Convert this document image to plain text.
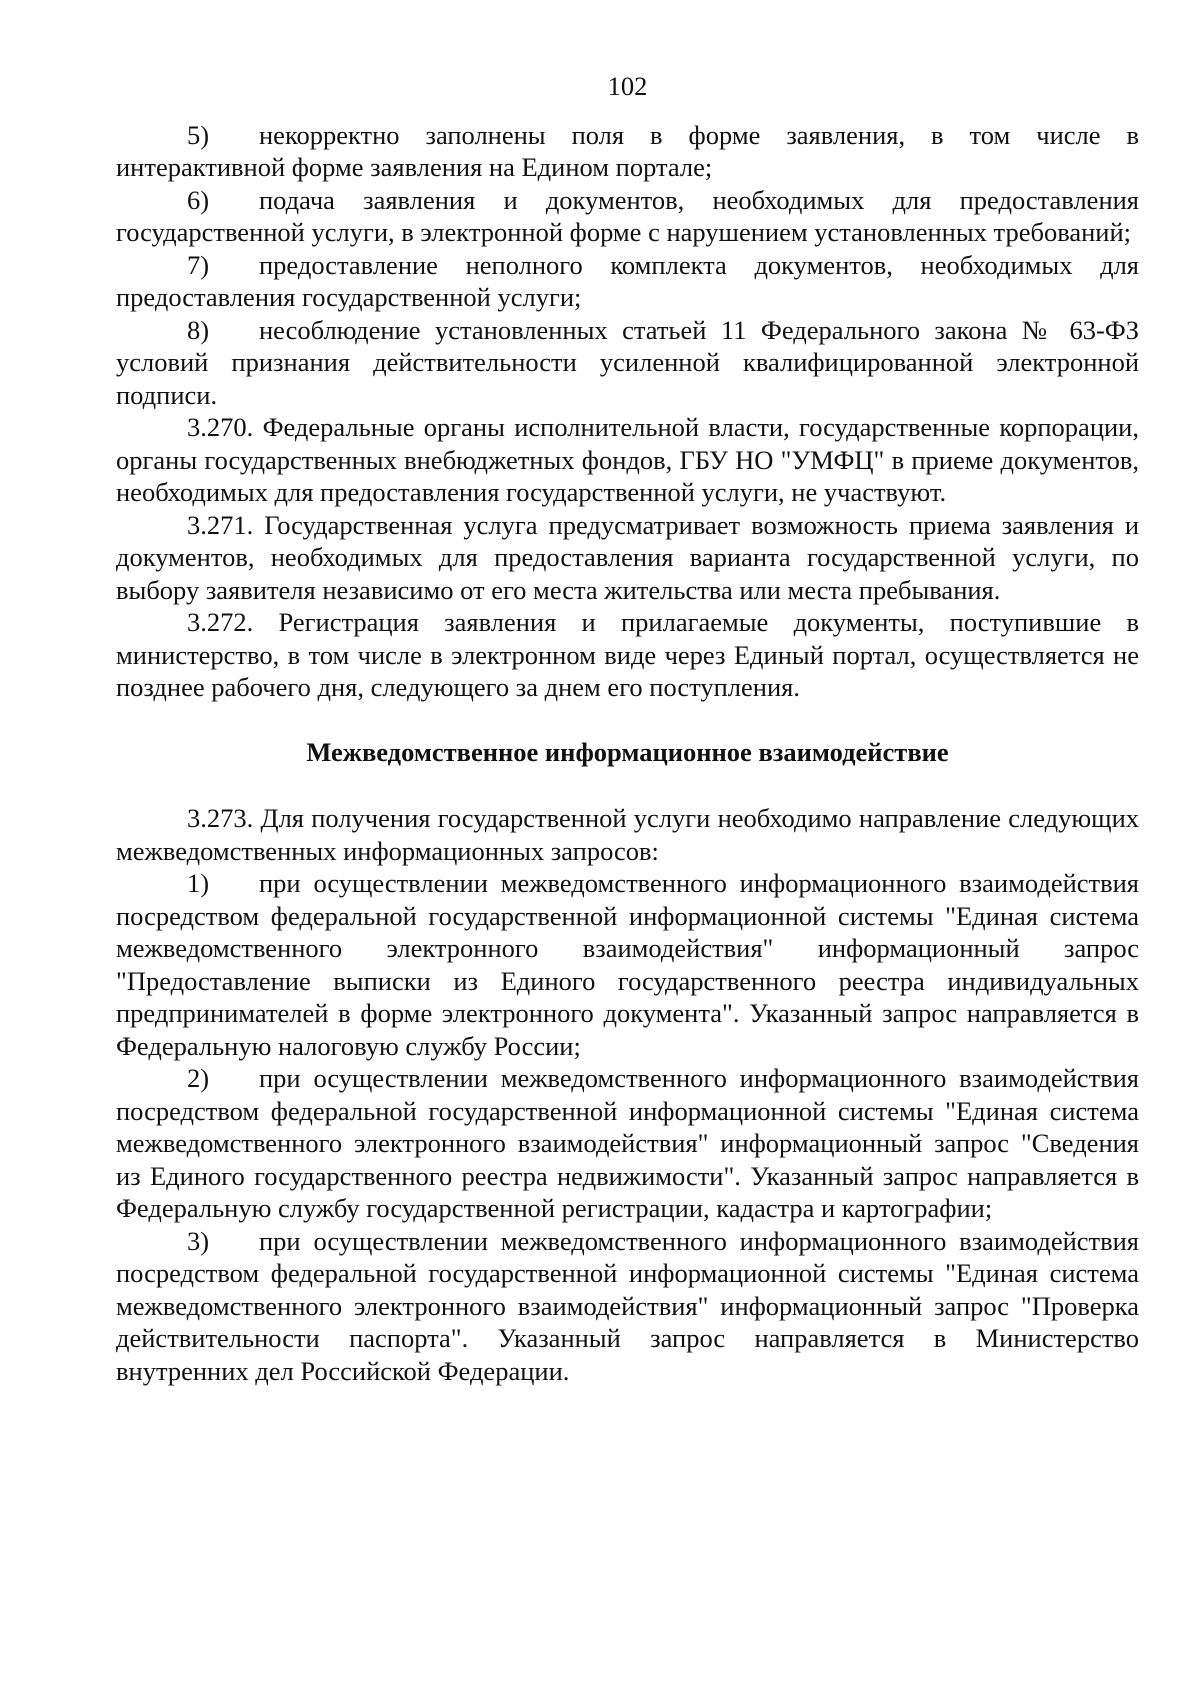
102

5) некорректно заполнены поля в форме заявления, в том числе в интерактивной форме заявления на Едином портале;

6) подача заявления и документов, необходимых для предоставления государственной услуги, в электронной форме с нарушением установленных требований;

7) предоставление неполного комплекта документов, необходимых для предоставления государственной услуги;

8) несоблюдение установленных статьей 11 Федерального закона № 63-ФЗ условий признания действительности усиленной квалифицированной электронной подписи.

3.270. Федеральные органы исполнительной власти, государственные корпорации, органы государственных внебюджетных фондов, ГБУ НО "УМФЦ" в приеме документов, необходимых для предоставления государственной услуги, не участвуют.

3.271. Государственная услуга предусматривает возможность приема заявления и документов, необходимых для предоставления варианта государственной услуги, по выбору заявителя независимо от его места жительства или места пребывания.

3.272. Регистрация заявления и прилагаемые документы, поступившие в министерство, в том числе в электронном виде через Единый портал, осуществляется не позднее рабочего дня, следующего за днем его поступления.

Межведомственное информационное взаимодействие

3.273. Для получения государственной услуги необходимо направление следующих межведомственных информационных запросов:

1) при осуществлении межведомственного информационного взаимодействия посредством федеральной государственной информационной системы "Единая система межведомственного электронного взаимодействия" информационный запрос "Предоставление выписки из Единого государственного реестра индивидуальных предпринимателей в форме электронного документа". Указанный запрос направляется в Федеральную налоговую службу России;

2) при осуществлении межведомственного информационного взаимодействия посредством федеральной государственной информационной системы "Единая система межведомственного электронного взаимодействия" информационный запрос "Сведения из Единого государственного реестра недвижимости". Указанный запрос направляется в Федеральную службу государственной регистрации, кадастра и картографии;

3) при осуществлении межведомственного информационного взаимодействия посредством федеральной государственной информационной системы "Единая система межведомственного электронного взаимодействия" информационный запрос "Проверка действительности паспорта". Указанный запрос направляется в Министерство внутренних дел Российской Федерации.
